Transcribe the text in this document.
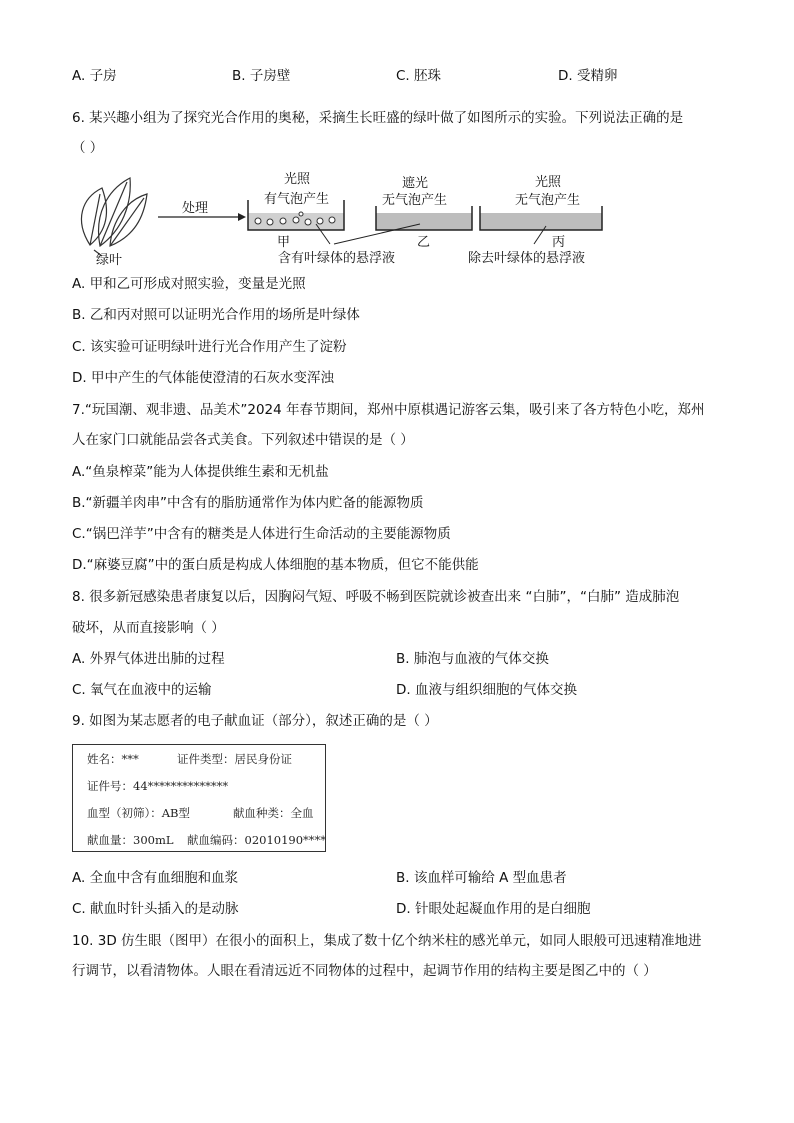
A. 子房	B. 子房壁	C. 胚珠	D. 受精卵
6. 某兴趣小组为了探究光合作用的奥秘，采摘生长旺盛的绿叶做了如图所示的实验。下列说法正确的是
（ ）
绿叶
处理
光照
有气泡产生
甲
遮光
无气泡产生
乙
光照
无气泡产生
丙
含有叶绿体的悬浮液	除去叶绿体的悬浮液
A. 甲和乙可形成对照实验，变量是光照
B. 乙和丙对照可以证明光合作用的场所是叶绿体
C. 该实验可证明绿叶进行光合作用产生了淀粉
D. 甲中产生的气体能使澄清的石灰水变浑浊
7.“玩国潮、观非遗、品美术”2024 年春节期间，郑州中原棋遇记游客云集，吸引来了各方特色小吃，郑州
人在家门口就能品尝各式美食。下列叙述中错误的是（ ）
A.“鱼泉榨菜”能为人体提供维生素和无机盐
B.“新疆羊肉串”中含有的脂肪通常作为体内贮备的能源物质
C.“锅巴洋芋”中含有的糖类是人体进行生命活动的主要能源物质
D.“麻婆豆腐”中的蛋白质是构成人体细胞的基本物质，但它不能供能
8. 很多新冠感染患者康复以后，因胸闷气短、呼吸不畅到医院就诊被查出来 “白肺”，“白肺” 造成肺泡
破坏，从而直接影响（ ）
A. 外界气体进出肺的过程	B. 肺泡与血液的气体交换
C. 氧气在血液中的运输	D. 血液与组织细胞的气体交换
9. 如图为某志愿者的电子献血证（部分），叙述正确的是（ ）
姓名：***	证件类型：居民身份证
证件号：44**************
血型（初筛）：AB型	献血种类：全血
献血量：300mL 献血编码：02010190****
A. 全血中含有血细胞和血浆	B. 该血样可输给 A 型血患者
C. 献血时针头插入的是动脉	D. 针眼处起凝血作用的是白细胞
10. 3D 仿生眼（图甲）在很小的面积上，集成了数十亿个纳米柱的感光单元，如同人眼般可迅速精准地进
行调节，以看清物体。人眼在看清远近不同物体的过程中，起调节作用的结构主要是图乙中的（ ）
